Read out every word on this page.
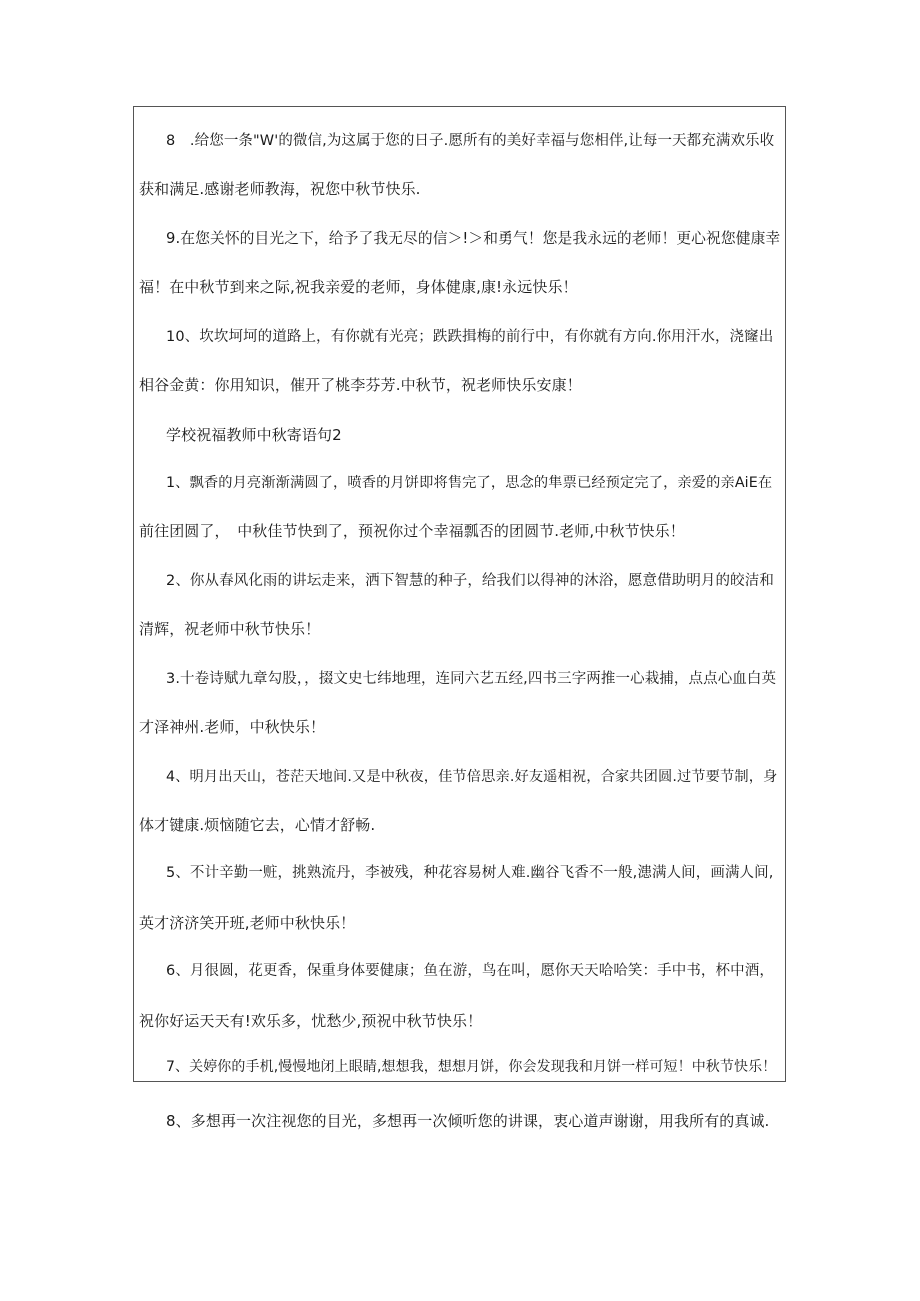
8　.给您一条"W'的微信,为这属于您的日子.愿所有的美好幸福与您相伴,让每一天都充满欢乐收
获和满足.感谢老师教海，祝您中秋节快乐.
9.在您关怀的目光之下，给予了我无尽的信＞!＞和勇气！您是我永远的老师！更心祝您健康幸
福！在中秋节到来之际,祝我亲爱的老师，身体健康,康!永远快乐！
10、坎坎坷坷的道路上，有你就有光亮；跌跌揖梅的前行中，有你就有方向.你用汗水，浇窿出
相谷金黄：你用知识，催开了桃李芬芳.中秋节，祝老师快乐安康！
学校祝福教师中秋寄语句2
1、飘香的月亮渐渐满圆了，喷香的月饼即将售完了，思念的隼票已经预定完了，亲爱的亲AiE在
前往团圆了，　中秋佳节快到了，预祝你过个幸福瓢否的团圆节.老师,中秋节快乐！
2、你从春风化雨的讲坛走来，洒下智慧的种子，给我们以得神的沐浴，愿意借助明月的皎洁和
清辉，祝老师中秋节快乐！
3.十卷诗赋九章勾股，，掇文史七纬地理，连同六艺五经,四书三字两推一心栽捕，点点心血白英
才泽神州.老师，中秋快乐！
4、明月出天山，苍茫天地间.又是中秋夜，佳节倍思亲.好友遥相祝，合家共团圆.过节要节制，身
体才键康.烦恼随它去，心情才舒畅.
5、不计辛勤一赃，挑熟流丹，李被残，种花容易树人难.幽谷飞香不一般,漶满人间，画满人间,
英才济济笑开班,老师中秋快乐！
6、月很圆，花更香，保重身体要健康；鱼在游，鸟在叫，愿你天天哈哈笑：手中书，杯中酒，
祝你好运天天有!欢乐多，忧愁少,预祝中秋节快乐！
7、关婷你的手机,慢慢地闭上眼睛,想想我，想想月饼，你会发现我和月饼一样可短！中秋节快乐！
8、多想再一次注视您的目光，多想再一次倾听您的讲课，衷心道声谢谢，用我所有的真诚.
